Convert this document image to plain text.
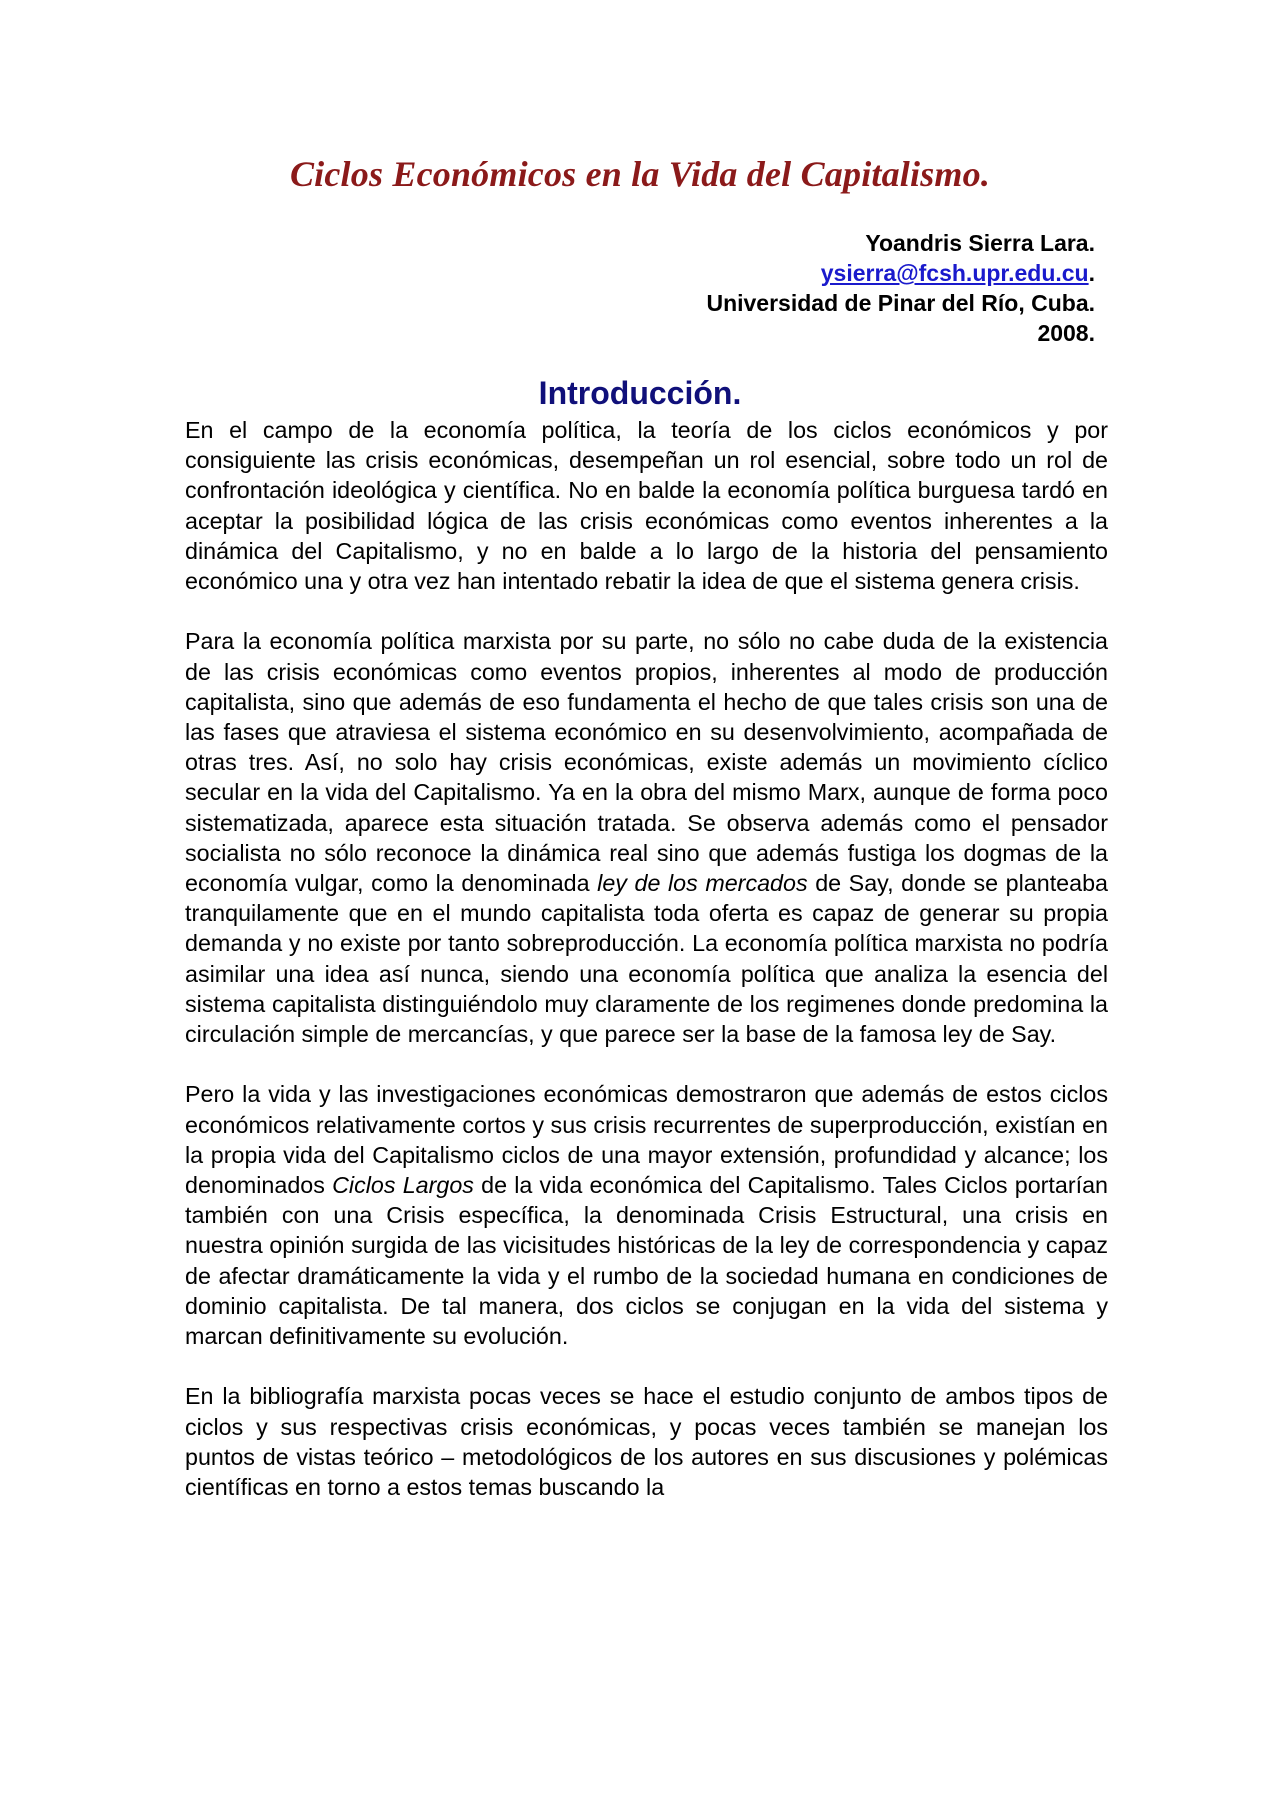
Ciclos Económicos en la Vida del Capitalismo.
Yoandris Sierra Lara.
ysierra@fcsh.upr.edu.cu.
Universidad de Pinar del Río, Cuba.
2008.
Introducción.

En el campo de la economía política, la teoría de los ciclos económicos y por consiguiente las crisis económicas, desempeñan un rol esencial, sobre todo un rol de confrontación ideológica y científica. No en balde la economía política burguesa tardó en aceptar la posibilidad lógica de las crisis económicas como eventos inherentes a la dinámica del Capitalismo, y no en balde a lo largo de la historia del pensamiento económico una y otra vez han intentado rebatir la idea de que el sistema genera crisis.

Para la economía política marxista por su parte, no sólo no cabe duda de la existencia de las crisis económicas como eventos propios, inherentes al modo de producción capitalista, sino que además de eso fundamenta el hecho de que tales crisis son una de las fases que atraviesa el sistema económico en su desenvolvimiento, acompañada de otras tres. Así, no solo hay crisis económicas, existe además un movimiento cíclico secular en la vida del Capitalismo. Ya en la obra del mismo Marx, aunque de forma poco sistematizada, aparece esta situación tratada. Se observa además como el pensador socialista no sólo reconoce la dinámica real sino que además fustiga los dogmas de la economía vulgar, como la denominada ley de los mercados de Say, donde se planteaba tranquilamente que en el mundo capitalista toda oferta es capaz de generar su propia demanda y no existe por tanto sobreproducción. La economía política marxista no podría asimilar una idea así nunca, siendo una economía política que analiza la esencia del sistema capitalista distinguiéndolo muy claramente de los regimenes donde predomina la circulación simple de mercancías, y que parece ser la base de la famosa ley de Say.

Pero la vida y las investigaciones económicas demostraron que además de estos ciclos económicos relativamente cortos y sus crisis recurrentes de superproducción, existían en la propia vida del Capitalismo ciclos de una mayor extensión, profundidad y alcance; los denominados Ciclos Largos de la vida económica del Capitalismo. Tales Ciclos portarían también con una Crisis específica, la denominada Crisis Estructural, una crisis en nuestra opinión surgida de las vicisitudes históricas de la ley de correspondencia y capaz de afectar dramáticamente la vida y el rumbo de la sociedad humana en condiciones de dominio capitalista. De tal manera, dos ciclos se conjugan en la vida del sistema y marcan definitivamente su evolución.

En la bibliografía marxista pocas veces se hace el estudio conjunto de ambos tipos de ciclos y sus respectivas crisis económicas, y pocas veces también se manejan los puntos de vistas teórico – metodológicos de los autores en sus discusiones y polémicas científicas en torno a estos temas buscando la
